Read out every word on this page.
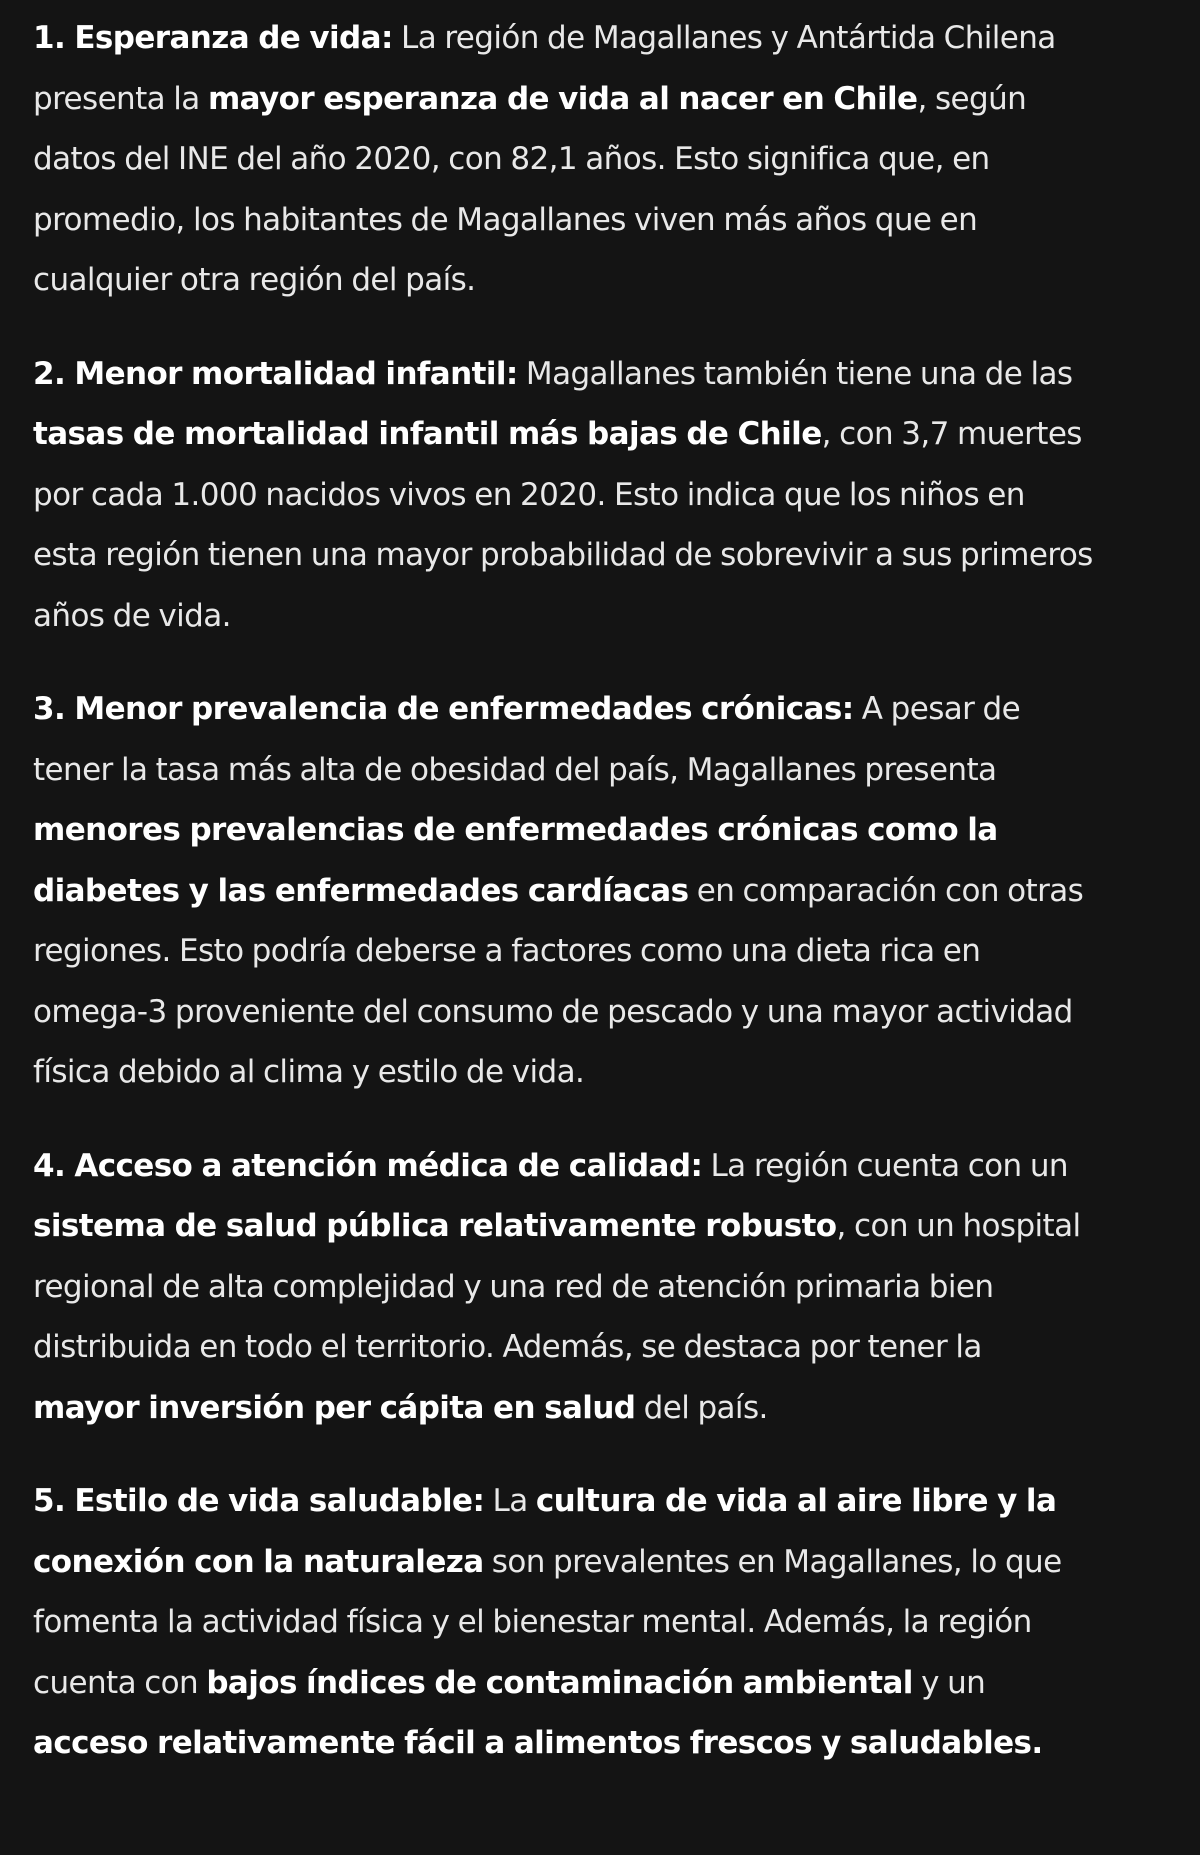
1. Esperanza de vida: La región de Magallanes y Antártida Chilena presenta la mayor esperanza de vida al nacer en Chile, según datos del INE del año 2020, con 82,1 años. Esto significa que, en promedio, los habitantes de Magallanes viven más años que en cualquier otra región del país.

2. Menor mortalidad infantil: Magallanes también tiene una de las tasas de mortalidad infantil más bajas de Chile, con 3,7 muertes por cada 1.000 nacidos vivos en 2020. Esto indica que los niños en esta región tienen una mayor probabilidad de sobrevivir a sus primeros años de vida.

3. Menor prevalencia de enfermedades crónicas: A pesar de tener la tasa más alta de obesidad del país, Magallanes presenta menores prevalencias de enfermedades crónicas como la diabetes y las enfermedades cardíacas en comparación con otras regiones. Esto podría deberse a factores como una dieta rica en omega-3 proveniente del consumo de pescado y una mayor actividad física debido al clima y estilo de vida.

4. Acceso a atención médica de calidad: La región cuenta con un sistema de salud pública relativamente robusto, con un hospital regional de alta complejidad y una red de atención primaria bien distribuida en todo el territorio. Además, se destaca por tener la mayor inversión per cápita en salud del país.

5. Estilo de vida saludable: La cultura de vida al aire libre y la conexión con la naturaleza son prevalentes en Magallanes, lo que fomenta la actividad física y el bienestar mental. Además, la región cuenta con bajos índices de contaminación ambiental y un acceso relativamente fácil a alimentos frescos y saludables.
